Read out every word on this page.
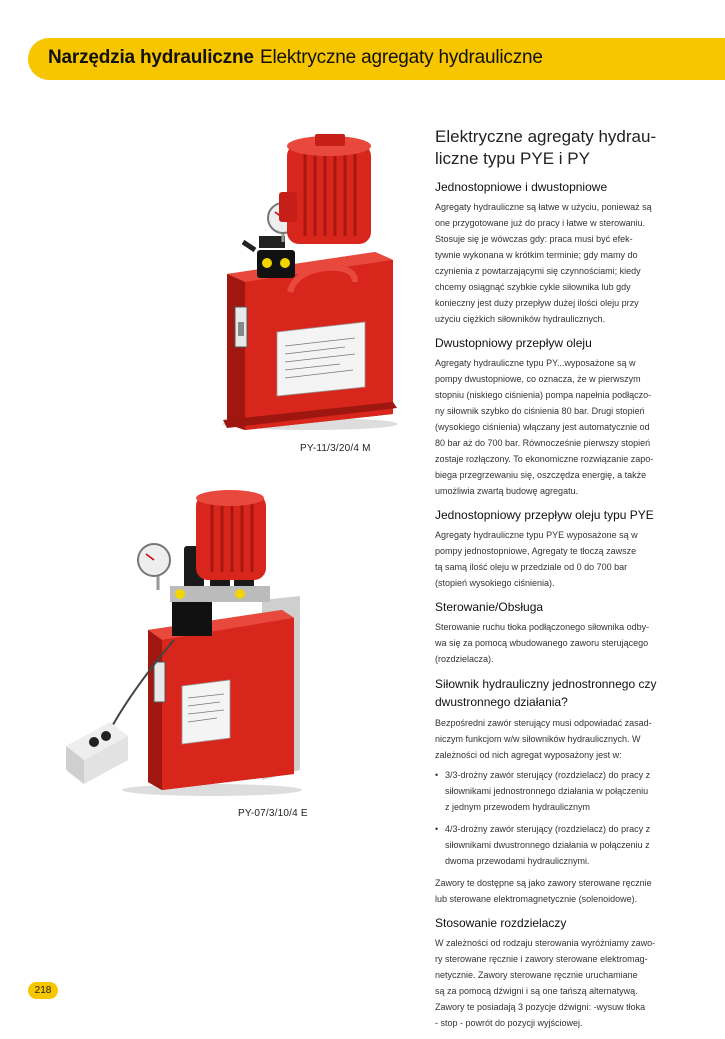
Narzędzia hydrauliczne Elektryczne agregaty hydrauliczne
PY-11/3/20/4 M
PY-07/3/10/4 E
Elektryczne agregaty hydrau-
liczne typu PYE i PY
Jednostopniowe i dwustopniowe

Agregaty hydrauliczne są łatwe w użyciu, ponieważ są
one przygotowane już do pracy i łatwe w sterowaniu.
Stosuje się je wówczas gdy: praca musi być efek-
tywnie wykonana w krótkim terminie; gdy mamy do
czynienia z powtarzającymi się czynnościami; kiedy
chcemy osiągnąć szybkie cykle siłownika lub gdy
konieczny jest duży przepływ dużej ilości oleju przy
użyciu ciężkich siłowników hydraulicznych.

Dwustopniowy przepływ oleju

Agregaty hydrauliczne typu PY...wyposażone są w
pompy dwustopniowe, co oznacza, że w pierwszym
stopniu (niskiego ciśnienia) pompa napełnia podłączo-
ny siłownik szybko do ciśnienia 80 bar. Drugi stopień
(wysokiego ciśnienia) włączany jest automatycznie od
80 bar aż do 700 bar. Równocześnie pierwszy stopień
zostaje rozłączony. To ekonomiczne rozwiązanie zapo-
biega przegrzewaniu się, oszczędza energię, a także
umożliwia zwartą budowę agregatu.

Jednostopniowy przepływ oleju typu PYE

Agregaty hydrauliczne typu PYE wyposażone są w
pompy jednostopniowe, Agregaty te tłoczą zawsze
tą samą ilość oleju w przedziale od 0 do 700 bar
(stopień wysokiego ciśnienia).

Sterowanie/Obsługa

Sterowanie ruchu tłoka podłączonego siłownika odby-
wa się za pomocą wbudowanego zaworu sterującego
(rozdzielacza).

Siłownik hydrauliczny jednostronnego czy
dwustronnego działania?

Bezpośredni zawór sterujący musi odpowiadać zasad-
niczym funkcjom w/w siłowników hydraulicznych. W
zależności od nich agregat wyposażony jest w:

• 3/3-drożny zawór sterujący (rozdzielacz) do pracy z
siłownikami jednostronnego działania w połączeniu
z jednym przewodem hydraulicznym
• 4/3-drożny zawór sterujący (rozdzielacz) do pracy z
siłownikami dwustronnego działania w połączeniu z
dwoma przewodami hydraulicznymi.

Zawory te dostępne są jako zawory sterowane ręcznie
lub sterowane elektromagnetycznie (solenoidowe).

Stosowanie rozdzielaczy

W zależności od rodzaju sterowania wyróżniamy zawo-
ry sterowane ręcznie i zawory sterowane elektromag-
netycznie. Zawory sterowane ręcznie uruchamiane
są za pomocą dźwigni i są one tańszą alternatywą.
Zawory te posiadają 3 pozycje dźwigni: -wysuw tłoka
- stop - powrót do pozycji wyjściowej.

218
